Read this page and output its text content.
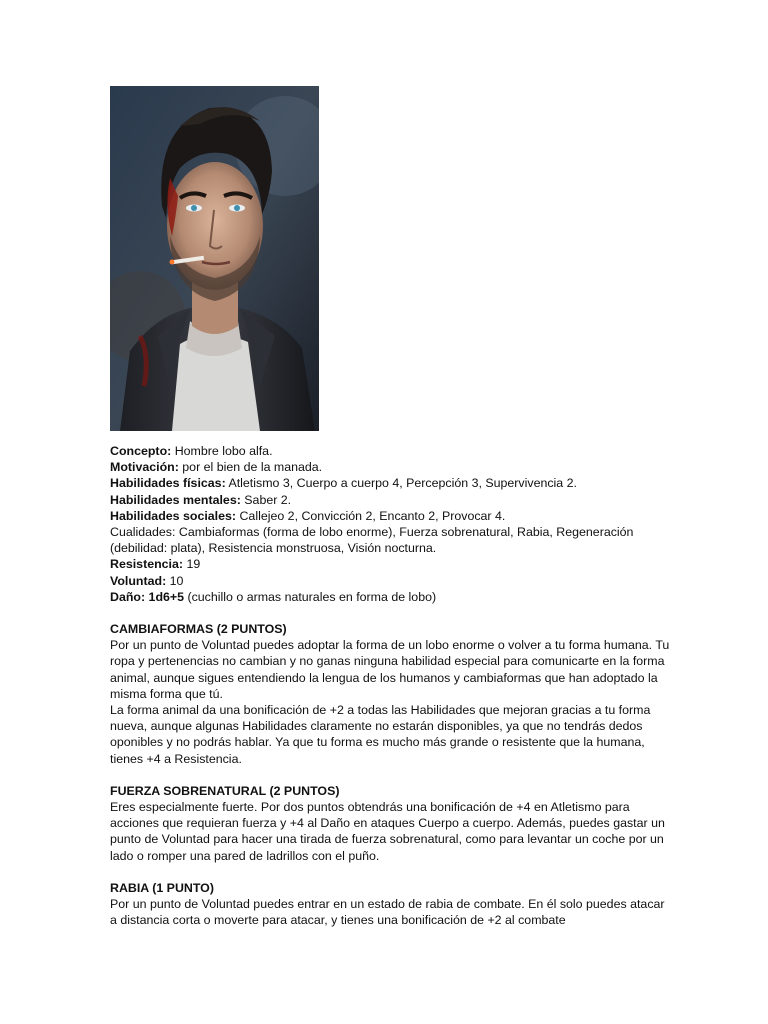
Concepto: Hombre lobo alfa.
Motivación: por el bien de la manada.
Habilidades físicas: Atletismo 3, Cuerpo a cuerpo 4, Percepción 3, Supervivencia 2.
Habilidades mentales: Saber 2.
Habilidades sociales: Callejeo 2, Convicción 2, Encanto 2, Provocar 4.
Cualidades: Cambiaformas (forma de lobo enorme), Fuerza sobrenatural, Rabia, Regeneración (debilidad: plata), Resistencia monstruosa, Visión nocturna.
Resistencia: 19
Voluntad: 10
Daño: 1d6+5 (cuchillo o armas naturales en forma de lobo)
CAMBIAFORMAS (2 PUNTOS)

Por un punto de Voluntad puedes adoptar la forma de un lobo enorme o volver a tu forma humana. Tu ropa y pertenencias no cambian y no ganas ninguna habilidad especial para comunicarte en la forma animal, aunque sigues entendiendo la lengua de los humanos y cambiaformas que han adoptado la misma forma que tú.

La forma animal da una bonificación de +2 a todas las Habilidades que mejoran gracias a tu forma nueva, aunque algunas Habilidades claramente no estarán disponibles, ya que no tendrás dedos oponibles y no podrás hablar. Ya que tu forma es mucho más grande o resistente que la humana, tienes +4 a Resistencia.

FUERZA SOBRENATURAL (2 PUNTOS)

Eres especialmente fuerte. Por dos puntos obtendrás una bonificación de +4 en Atletismo para acciones que requieran fuerza y +4 al Daño en ataques Cuerpo a cuerpo. Además, puedes gastar un punto de Voluntad para hacer una tirada de fuerza sobrenatural, como para levantar un coche por un lado o romper una pared de ladrillos con el puño.

RABIA (1 PUNTO)

Por un punto de Voluntad puedes entrar en un estado de rabia de combate. En él solo puedes atacar a distancia corta o moverte para atacar, y tienes una bonificación de +2 al combate
